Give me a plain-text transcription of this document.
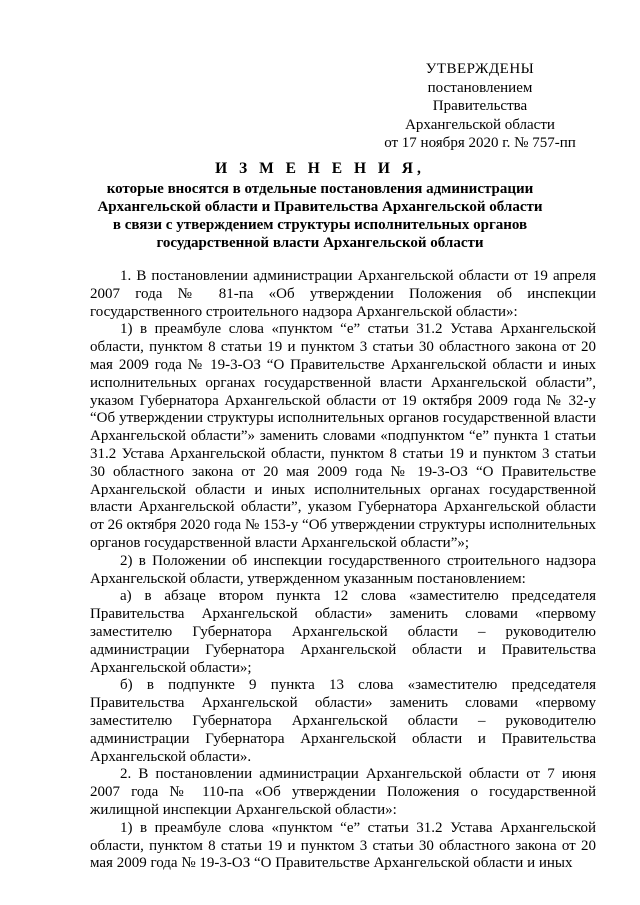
УТВЕРЖДЕНЫ
постановлением Правительства
Архангельской области
от 17 ноября 2020 г. № 757-пп
И З М Е Н Е Н И Я,
которые вносятся в отдельные постановления администрации
Архангельской области и Правительства Архангельской области
в связи с утверждением структуры исполнительных органов
государственной власти Архангельской области

1. В постановлении администрации Архангельской области от 19 апреля 2007 года № 81-па «Об утверждении Положения об инспекции государственного строительного надзора Архангельской области»:

1) в преамбуле слова «пунктом “е” статьи 31.2 Устава Архангельской области, пунктом 8 статьи 19 и пунктом 3 статьи 30 областного закона от 20 мая 2009 года № 19-3-ОЗ “О Правительстве Архангельской области и иных исполнительных органах государственной власти Архангельской области”, указом Губернатора Архангельской области от 19 октября 2009 года № 32-у “Об утверждении структуры исполнительных органов государственной власти Архангельской области”» заменить словами «подпунктом “е” пункта 1 статьи 31.2 Устава Архангельской области, пунктом 8 статьи 19 и пунктом 3 статьи 30 областного закона от 20 мая 2009 года № 19-3-ОЗ “О Правительстве Архангельской области и иных исполнительных органах государственной власти Архангельской области”, указом Губернатора Архангельской области от 26 октября 2020 года № 153-у “Об утверждении структуры исполнительных органов государственной власти Архангельской области”»;

2) в Положении об инспекции государственного строительного надзора Архангельской области, утвержденном указанным постановлением:

а) в абзаце втором пункта 12 слова «заместителю председателя Правительства Архангельской области» заменить словами «первому заместителю Губернатора Архангельской области – руководителю администрации Губернатора Архангельской области и Правительства Архангельской области»;

б) в подпункте 9 пункта 13 слова «заместителю председателя Правительства Архангельской области» заменить словами «первому заместителю Губернатора Архангельской области – руководителю администрации Губернатора Архангельской области и Правительства Архангельской области».

2. В постановлении администрации Архангельской области от 7 июня 2007 года № 110-па «Об утверждении Положения о государственной жилищной инспекции Архангельской области»:

1) в преамбуле слова «пунктом “е” статьи 31.2 Устава Архангельской области, пунктом 8 статьи 19 и пунктом 3 статьи 30 областного закона от 20 мая 2009 года № 19-3-ОЗ “О Правительстве Архангельской области и иных
